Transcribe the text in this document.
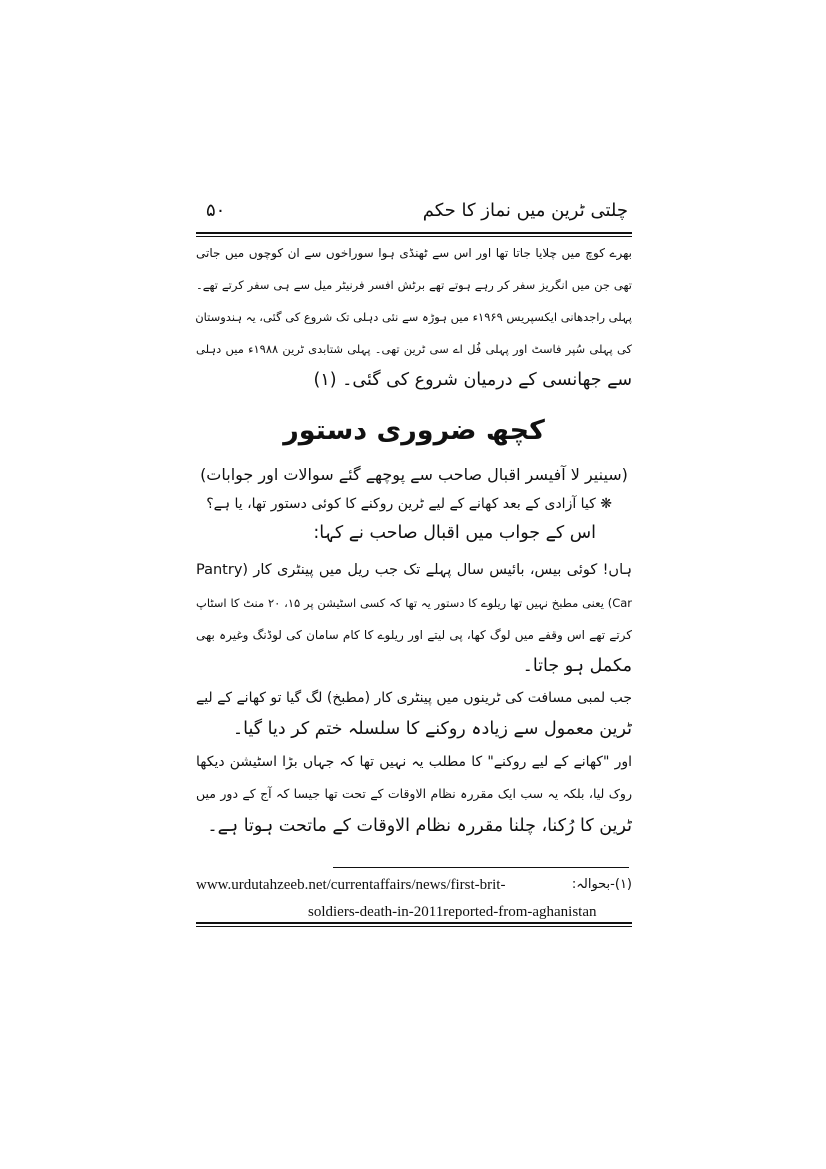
چلتی ٹرین میں نماز کا حکم
۵۰
بھرے کوچ میں چلایا جاتا تھا اور اس سے ٹھنڈی ہوا سوراخوں سے ان کوچوں میں جاتی
تھی جن میں انگریز سفر کر رہے ہوتے تھے برٹش افسر فرنیٹر میل سے ہی سفر کرتے تھے۔
پہلی راجدھانی ایکسپریس ۱۹۶۹ء میں ہوڑہ سے نئی دہلی تک شروع کی گئی، یہ ہندوستان
کی پہلی سُپر فاسٹ اور پہلی فُل اے سی ٹرین تھی۔ پہلی شتابدی ٹرین ۱۹۸۸ء میں دہلی
سے جھانسی کے درمیان شروع کی گئی۔ (۱)
کچھ ضروری دستور
(سینیر لا آفیسر اقبال صاحب سے پوچھے گئے سوالات اور جوابات)
❋ کیا آزادی کے بعد کھانے کے لیے ٹرین روکنے کا کوئی دستور تھا، یا ہے؟
اس کے جواب میں اقبال صاحب نے کہا:
ہاں! کوئی بیس، بائیس سال پہلے تک جب ریل میں پینٹری کار (Pantry
Car) یعنی مطبخ نہیں تھا ریلوے کا دستور یہ تھا کہ کسی اسٹیشن پر ۱۵، ۲۰ منٹ کا اسٹاپ
کرتے تھے اس وقفے میں لوگ کھا، پی لیتے اور ریلوے کا کام سامان کی لوڈنگ وغیرہ بھی
مکمل ہو جاتا۔
جب لمبی مسافت کی ٹرینوں میں پینٹری کار (مطبخ) لگ گیا تو کھانے کے لیے
ٹرین معمول سے زیادہ روکنے کا سلسلہ ختم کر دیا گیا۔
اور "کھانے کے لیے روکنے" کا مطلب یہ نہیں تھا کہ جہاں بڑا اسٹیشن دیکھا
روک لیا، بلکہ یہ سب ایک مقررہ نظام الاوقات کے تحت تھا جیسا کہ آج کے دور میں
ٹرین کا رُکنا، چلنا مقررہ نظام الاوقات کے ماتحت ہوتا ہے۔
(۱)-بحوالہ:
www.urdutahzeeb.net/currentaffairs/news/first-brit-
soldiers-death-in-2011reported-from-aghanistan
